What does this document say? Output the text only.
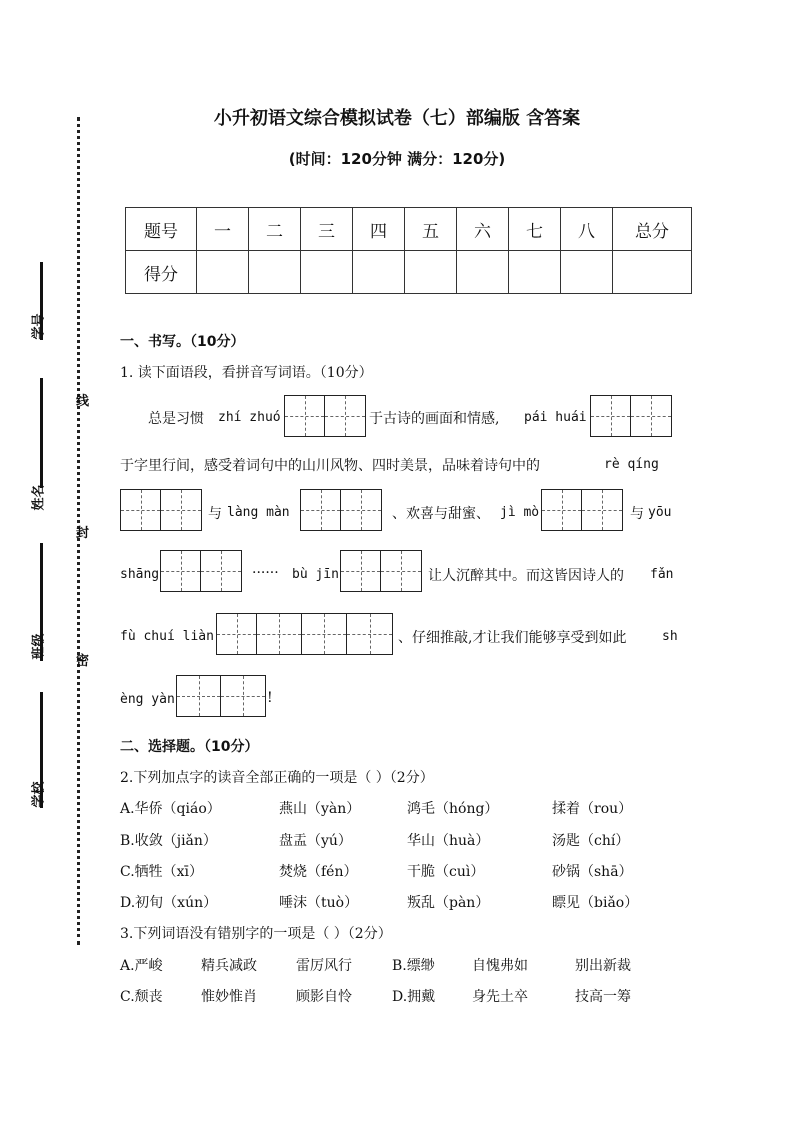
小升初语文综合模拟试卷（七）部编版 含答案
(时间：120分钟 满分：120分)
学号
姓名
班级
学校
线
封
密
题号	一	二	三	四	五	六	七	八	总分
得分									
一、书写。（10分）
1. 读下面语段，看拼音写词语。（10分）
总是习惯 zhí zhuó	于古诗的画面和情感, pái huái
于字里行间，感受着词句中的山川风物、四时美景，品味着诗句中的	rè qíng
与 làng màn	、欢喜与甜蜜、 jì mò	与 yōu
shāng	······ bù jīn	让人沉醉其中。而这皆因诗人的 fǎn
fù chuí liàn	、仔细推敲,才让我们能够享受到如此	sh
èng yàn	!
二、选择题。（10分）
2.下列加点字的读音全部正确的一项是（ ）（2分）
A.华侨（qiáo）	燕山（yàn）	鸿毛（hóng）	揉着（rou）
B.收敛（jiǎn）	盘盂（yú）	华山（huà）	汤匙（chí）
C.牺牲（xī）	焚烧（fén）	干脆（cuì）	砂锅（shā）
D.初旬（xún）	唾沫（tuò）	叛乱（pàn）	瞟见（biǎo）
3.下列词语没有错别字的一项是（ ）（2分）
A.严峻	精兵减政	雷厉风行	B.缥缈	自愧弗如	别出新裁
C.颓丧	惟妙惟肖	顾影自怜	D.拥戴	身先土卒	技高一筹
